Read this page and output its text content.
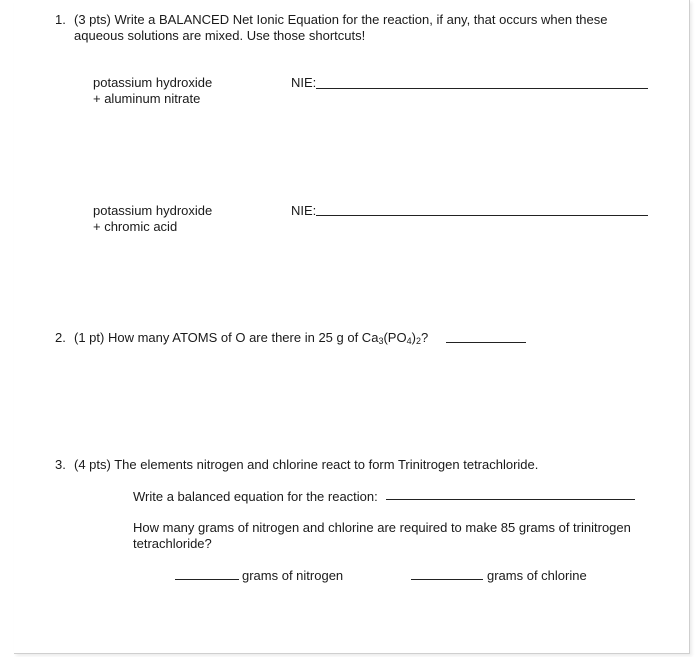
1. (3 pts) Write a BALANCED Net Ionic Equation for the reaction, if any, that occurs when these
aqueous solutions are mixed. Use those shortcuts!
potassium hydroxide
+ aluminum nitrate
NIE:
potassium hydroxide
+ chromic acid
NIE:
2. (1 pt) How many ATOMS of O are there in 25 g of $Ca_3(PO_4)_2$?
3. (4 pts) The elements nitrogen and chlorine react to form Trinitrogen tetrachloride.
Write a balanced equation for the reaction:
How many grams of nitrogen and chlorine are required to make 85 grams of trinitrogen
tetrachloride?
grams of nitrogen	grams of chlorine
